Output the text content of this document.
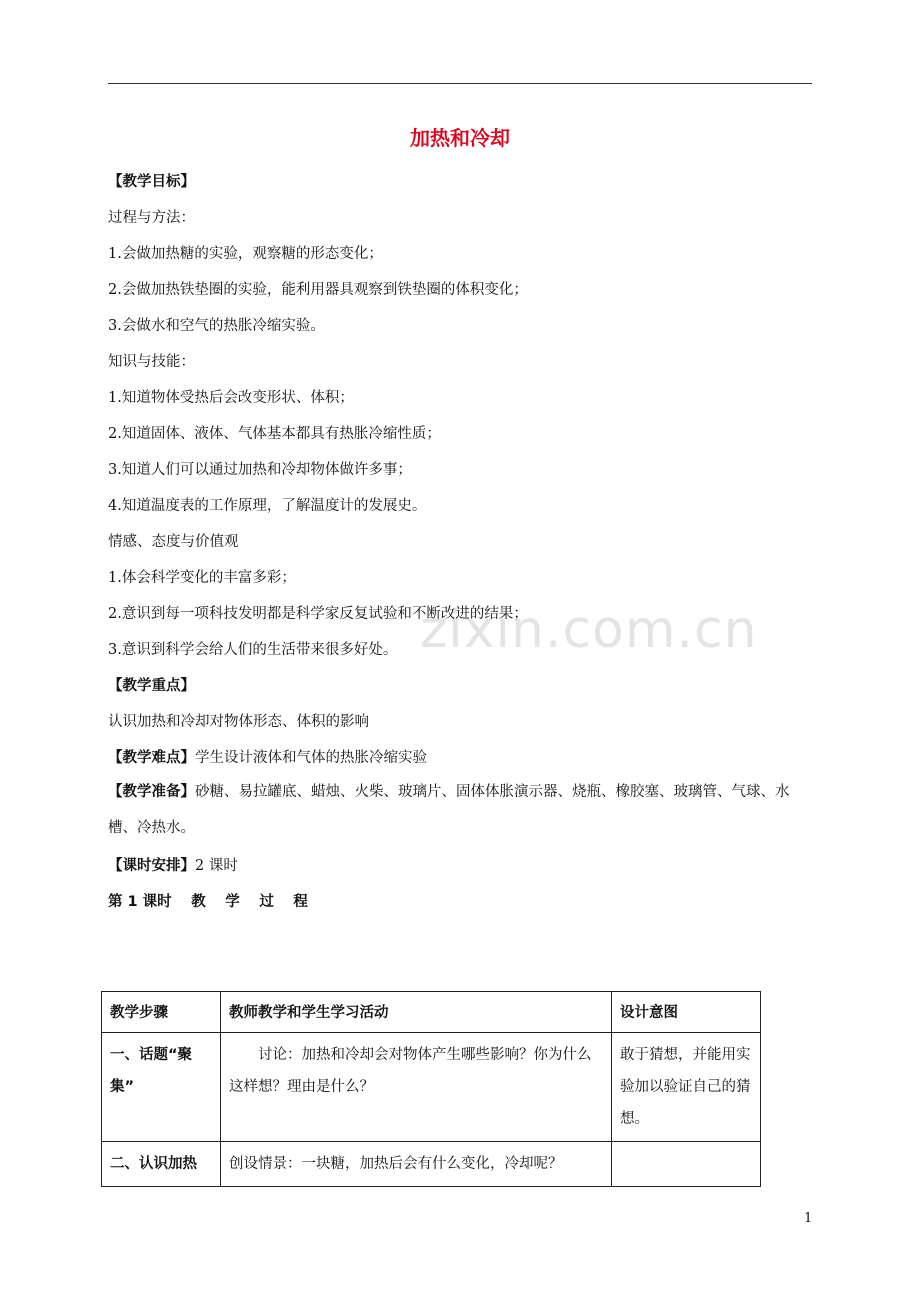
加热和冷却
【教学目标】
过程与方法：
1.会做加热糖的实验，观察糖的形态变化；
2.会做加热铁垫圈的实验，能利用器具观察到铁垫圈的体积变化；
3.会做水和空气的热胀冷缩实验。
知识与技能：
1.知道物体受热后会改变形状、体积；
2.知道固体、液体、气体基本都具有热胀冷缩性质；
3.知道人们可以通过加热和冷却物体做许多事；
4.知道温度表的工作原理，了解温度计的发展史。
情感、态度与价值观
1.体会科学变化的丰富多彩；
2.意识到每一项科技发明都是科学家反复试验和不断改进的结果；
3.意识到科学会给人们的生活带来很多好处。
【教学重点】
认识加热和冷却对物体形态、体积的影响
【教学难点】学生设计液体和气体的热胀冷缩实验
【教学准备】砂糖、易拉罐底、蜡烛、火柴、玻璃片、固体体胀演示器、烧瓶、橡胶塞、玻璃管、气球、水槽、冷热水。
【课时安排】2 课时
第 1 课时　 教　 学　 过　 程
zixin.com.cn
教学步骤	教师教学和学生学习活动	设计意图
一、话题“聚集”	讨论：加热和冷却会对物体产生哪些影响？你为什么这样想？理由是什么？	敢于猜想，并能用实验加以验证自己的猜想。
二、认识加热	创设情景：一块糖，加热后会有什么变化，冷却呢？	
1
